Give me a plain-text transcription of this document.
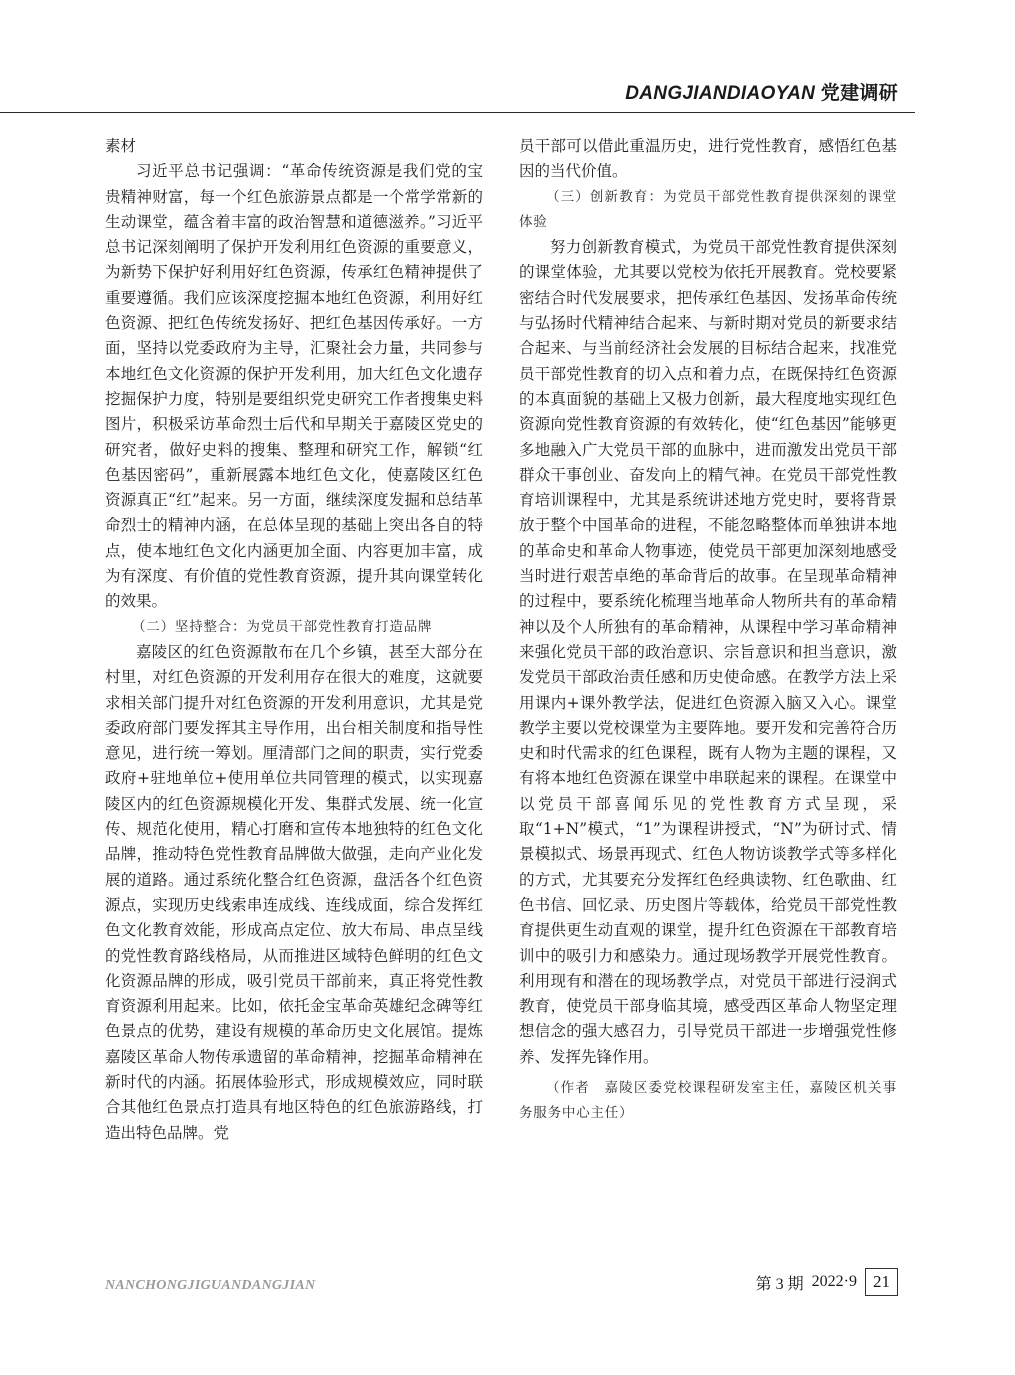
DANGJIANDIAOYAN 党建调研

素材

习近平总书记强调：“革命传统资源是我们党的宝贵精神财富，每一个红色旅游景点都是一个常学常新的生动课堂，蕴含着丰富的政治智慧和道德滋养。”习近平总书记深刻阐明了保护开发利用红色资源的重要意义，为新势下保护好利用好红色资源，传承红色精神提供了重要遵循。我们应该深度挖掘本地红色资源，利用好红色资源、把红色传统发扬好、把红色基因传承好。一方面，坚持以党委政府为主导，汇聚社会力量，共同参与本地红色文化资源的保护开发利用，加大红色文化遗存挖掘保护力度，特别是要组织党史研究工作者搜集史料图片，积极采访革命烈士后代和早期关于嘉陵区党史的研究者，做好史料的搜集、整理和研究工作，解锁“红色基因密码”，重新展露本地红色文化，使嘉陵区红色资源真正“红”起来。另一方面，继续深度发掘和总结革命烈士的精神内涵，在总体呈现的基础上突出各自的特点，使本地红色文化内涵更加全面、内容更加丰富，成为有深度、有价值的党性教育资源，提升其向课堂转化的效果。

（二）坚持整合：为党员干部党性教育打造品牌

嘉陵区的红色资源散布在几个乡镇，甚至大部分在村里，对红色资源的开发利用存在很大的难度，这就要求相关部门提升对红色资源的开发利用意识，尤其是党委政府部门要发挥其主导作用，出台相关制度和指导性意见，进行统一筹划。厘清部门之间的职责，实行党委政府+驻地单位+使用单位共同管理的模式，以实现嘉陵区内的红色资源规模化开发、集群式发展、统一化宣传、规范化使用，精心打磨和宣传本地独特的红色文化品牌，推动特色党性教育品牌做大做强，走向产业化发展的道路。通过系统化整合红色资源，盘活各个红色资源点，实现历史线索串连成线、连线成面，综合发挥红色文化教育效能，形成高点定位、放大布局、串点呈线的党性教育路线格局，从而推进区域特色鲜明的红色文化资源品牌的形成，吸引党员干部前来，真正将党性教育资源利用起来。比如，依托金宝革命英雄纪念碑等红色景点的优势，建设有规模的革命历史文化展馆。提炼嘉陵区革命人物传承遗留的革命精神，挖掘革命精神在新时代的内涵。拓展体验形式，形成规模效应，同时联合其他红色景点打造具有地区特色的红色旅游路线，打造出特色品牌。党

员干部可以借此重温历史，进行党性教育，感悟红色基因的当代价值。

（三）创新教育：为党员干部党性教育提供深刻的课堂体验

努力创新教育模式，为党员干部党性教育提供深刻的课堂体验，尤其要以党校为依托开展教育。党校要紧密结合时代发展要求，把传承红色基因、发扬革命传统与弘扬时代精神结合起来、与新时期对党员的新要求结合起来、与当前经济社会发展的目标结合起来，找准党员干部党性教育的切入点和着力点，在既保持红色资源的本真面貌的基础上又极力创新，最大程度地实现红色资源向党性教育资源的有效转化，使“红色基因”能够更多地融入广大党员干部的血脉中，进而激发出党员干部群众干事创业、奋发向上的精气神。在党员干部党性教育培训课程中，尤其是系统讲述地方党史时，要将背景放于整个中国革命的进程，不能忽略整体而单独讲本地的革命史和革命人物事迹，使党员干部更加深刻地感受当时进行艰苦卓绝的革命背后的故事。在呈现革命精神的过程中，要系统化梳理当地革命人物所共有的革命精神以及个人所独有的革命精神，从课程中学习革命精神来强化党员干部的政治意识、宗旨意识和担当意识，激发党员干部政治责任感和历史使命感。在教学方法上采用课内+课外教学法，促进红色资源入脑又入心。课堂教学主要以党校课堂为主要阵地。要开发和完善符合历史和时代需求的红色课程，既有人物为主题的课程，又有将本地红色资源在课堂中串联起来的课程。在课堂中以党员干部喜闻乐见的党性教育方式呈现，采取“1+N”模式，“1”为课程讲授式，“N”为研讨式、情景模拟式、场景再现式、红色人物访谈教学式等多样化的方式，尤其要充分发挥红色经典读物、红色歌曲、红色书信、回忆录、历史图片等载体，给党员干部党性教育提供更生动直观的课堂，提升红色资源在干部教育培训中的吸引力和感染力。通过现场教学开展党性教育。利用现有和潜在的现场教学点，对党员干部进行浸润式教育，使党员干部身临其境，感受西区革命人物坚定理想信念的强大感召力，引导党员干部进一步增强党性修养、发挥先锋作用。

（作者　嘉陵区委党校课程研发室主任，嘉陵区机关事务服务中心主任）

NANCHONGJIGUANDANGJIAN	第 3 期 2022·9 21
